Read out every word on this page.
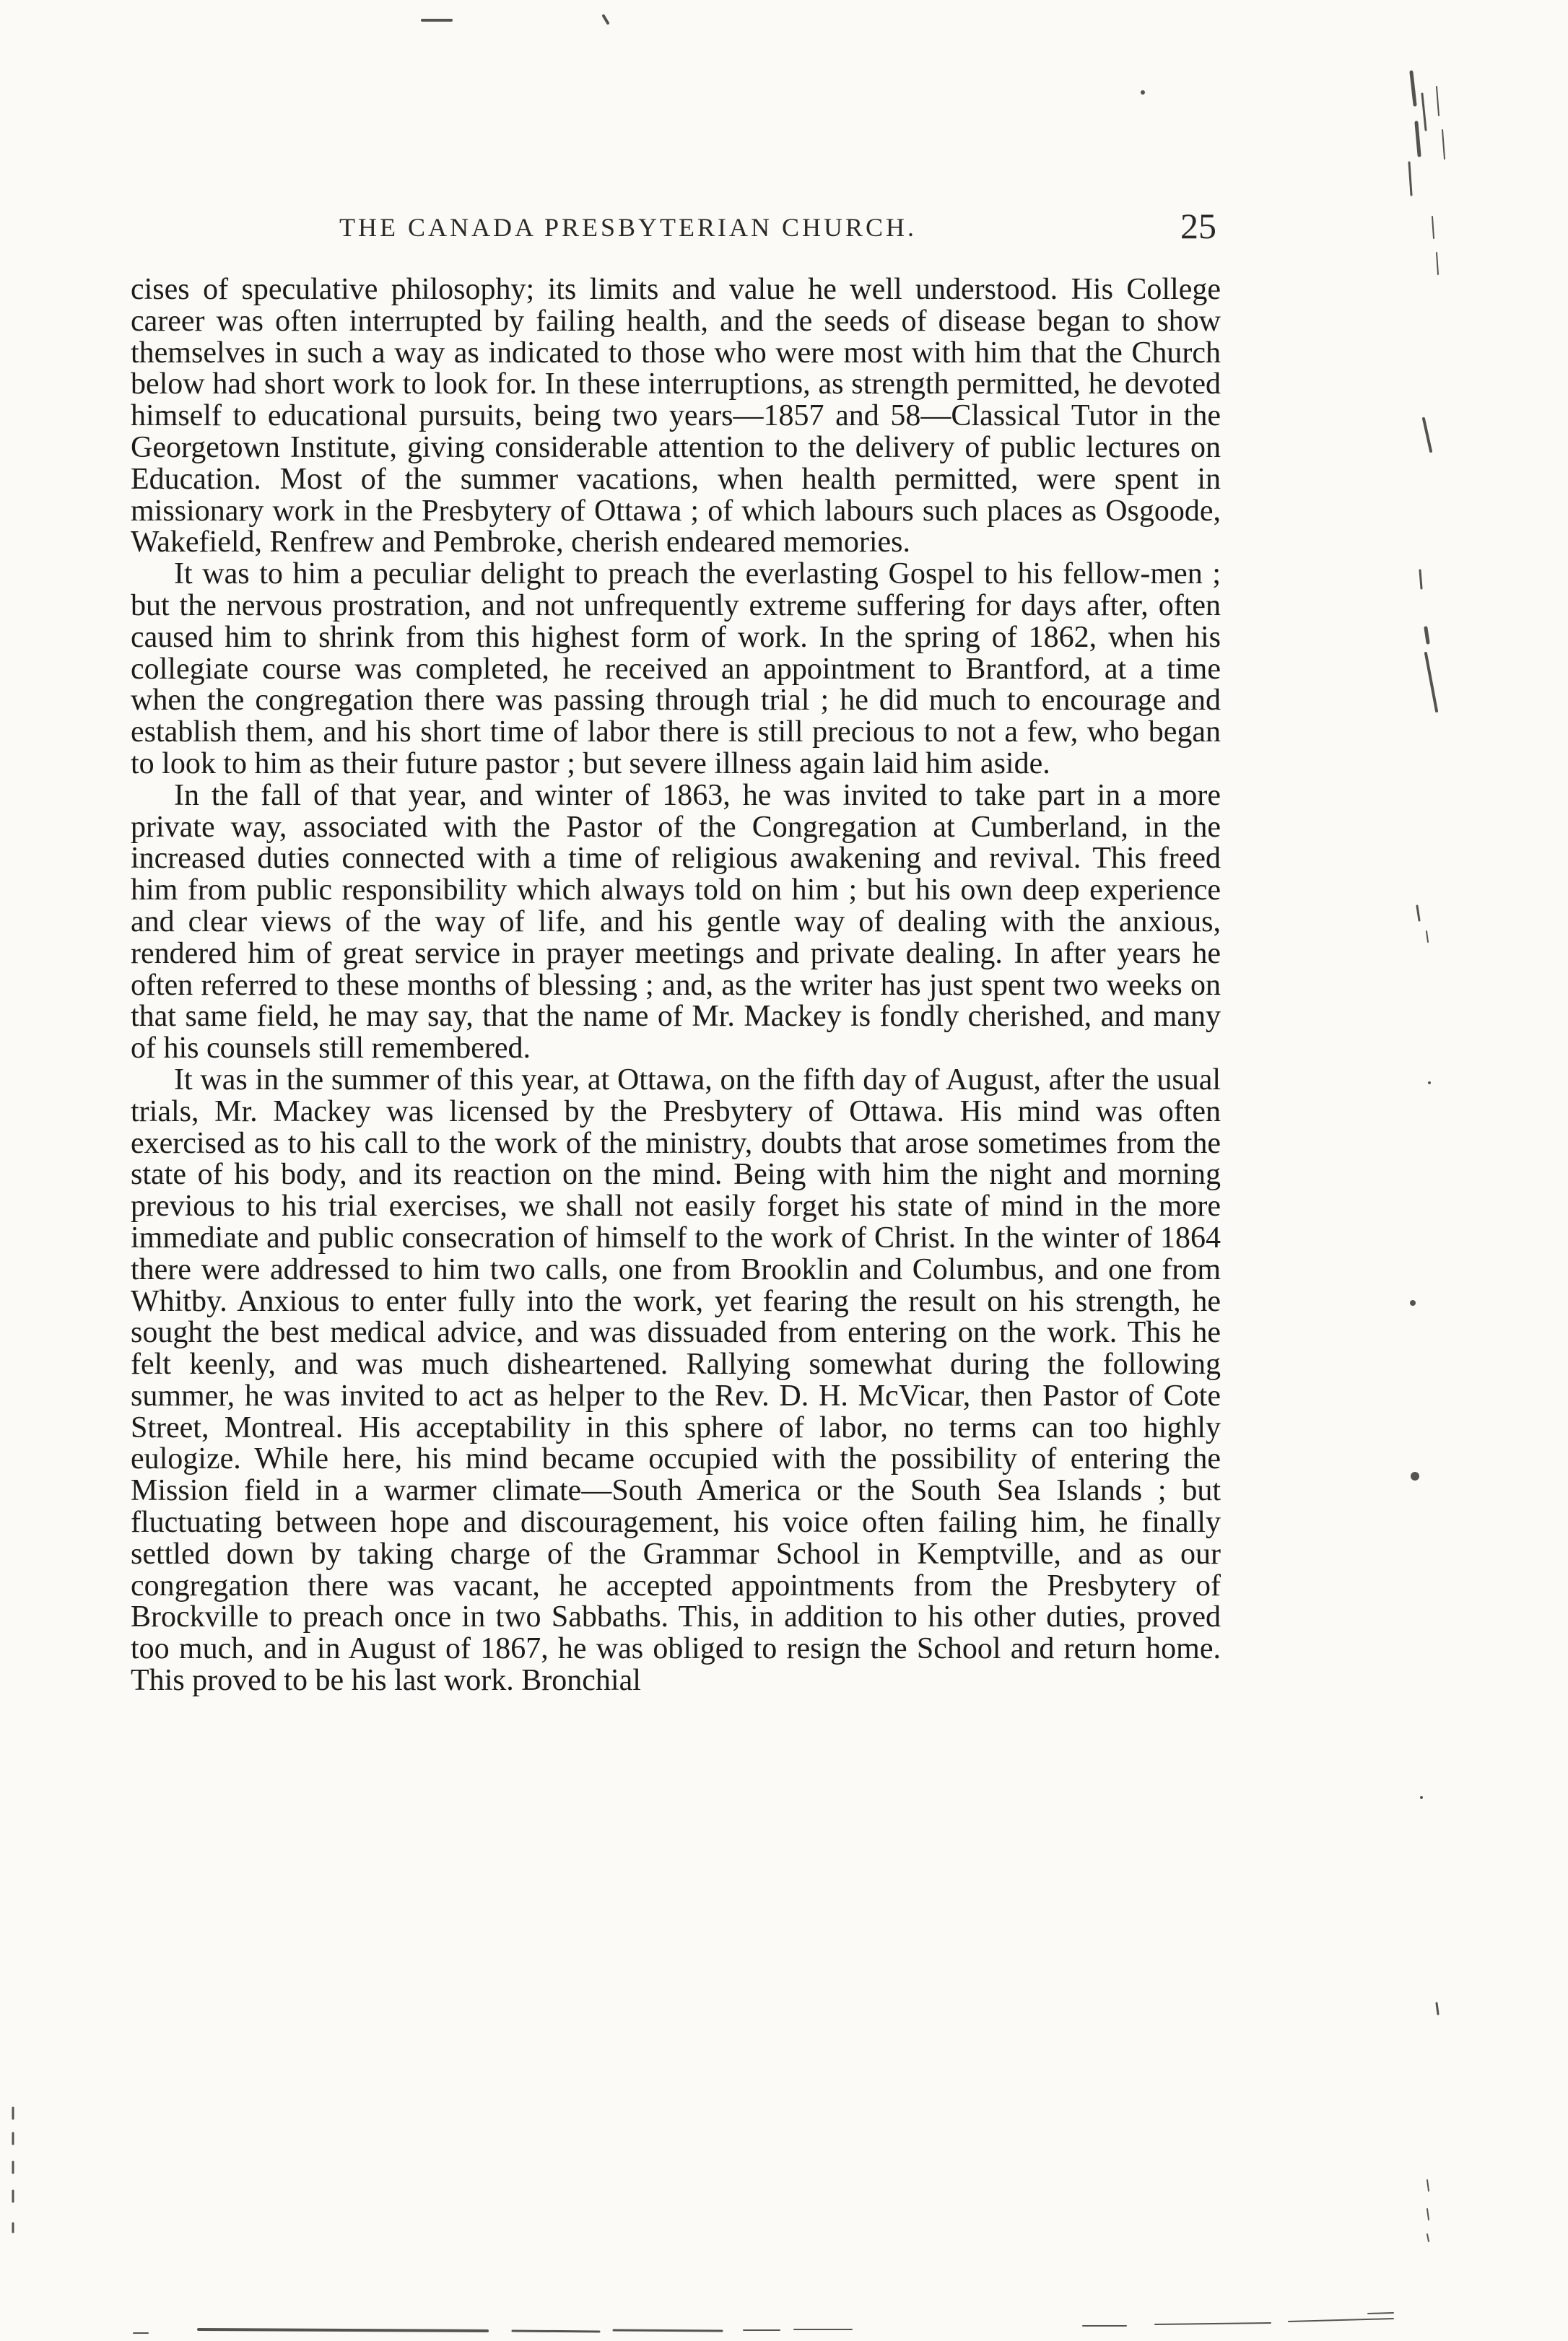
THE CANADA PRESBYTERIAN CHURCH.	25

cises of speculative philosophy; its limits and value he well understood. His College career was often interrupted by failing health, and the seeds of disease began to show themselves in such a way as indicated to those who were most with him that the Church below had short work to look for. In these interruptions, as strength permitted, he devoted himself to educational pursuits, being two years—1857 and 58—Classical Tutor in the Georgetown Institute, giving considerable attention to the delivery of public lectures on Education. Most of the summer vacations, when health permitted, were spent in missionary work in the Presbytery of Ottawa ; of which labours such places as Osgoode, Wakefield, Renfrew and Pembroke, cherish endeared memories.

It was to him a peculiar delight to preach the everlasting Gospel to his fellow-men ; but the nervous prostration, and not unfrequently extreme suffering for days after, often caused him to shrink from this highest form of work. In the spring of 1862, when his collegiate course was completed, he received an appointment to Brantford, at a time when the congregation there was passing through trial ; he did much to encourage and establish them, and his short time of labor there is still precious to not a few, who began to look to him as their future pastor ; but severe illness again laid him aside.

In the fall of that year, and winter of 1863, he was invited to take part in a more private way, associated with the Pastor of the Congregation at Cumberland, in the increased duties connected with a time of religious awakening and revival. This freed him from public responsibility which always told on him ; but his own deep experience and clear views of the way of life, and his gentle way of dealing with the anxious, rendered him of great service in prayer meetings and private dealing. In after years he often referred to these months of blessing ; and, as the writer has just spent two weeks on that same field, he may say, that the name of Mr. Mackey is fondly cherished, and many of his counsels still remembered.

It was in the summer of this year, at Ottawa, on the fifth day of August, after the usual trials, Mr. Mackey was licensed by the Presbytery of Ottawa. His mind was often exercised as to his call to the work of the ministry, doubts that arose sometimes from the state of his body, and its reaction on the mind. Being with him the night and morning previous to his trial exercises, we shall not easily forget his state of mind in the more immediate and public consecration of himself to the work of Christ. In the winter of 1864 there were addressed to him two calls, one from Brooklin and Columbus, and one from Whitby. Anxious to enter fully into the work, yet fearing the result on his strength, he sought the best medical advice, and was dissuaded from entering on the work. This he felt keenly, and was much disheartened. Rallying somewhat during the following summer, he was invited to act as helper to the Rev. D. H. McVicar, then Pastor of Cote Street, Montreal. His acceptability in this sphere of labor, no terms can too highly eulogize. While here, his mind became occupied with the possibility of entering the Mission field in a warmer climate—South America or the South Sea Islands ; but fluctuating between hope and discouragement, his voice often failing him, he finally settled down by taking charge of the Grammar School in Kemptville, and as our congregation there was vacant, he accepted appointments from the Presbytery of Brockville to preach once in two Sabbaths. This, in addition to his other duties, proved too much, and in August of 1867, he was obliged to resign the School and return home. This proved to be his last work. Bronchial
